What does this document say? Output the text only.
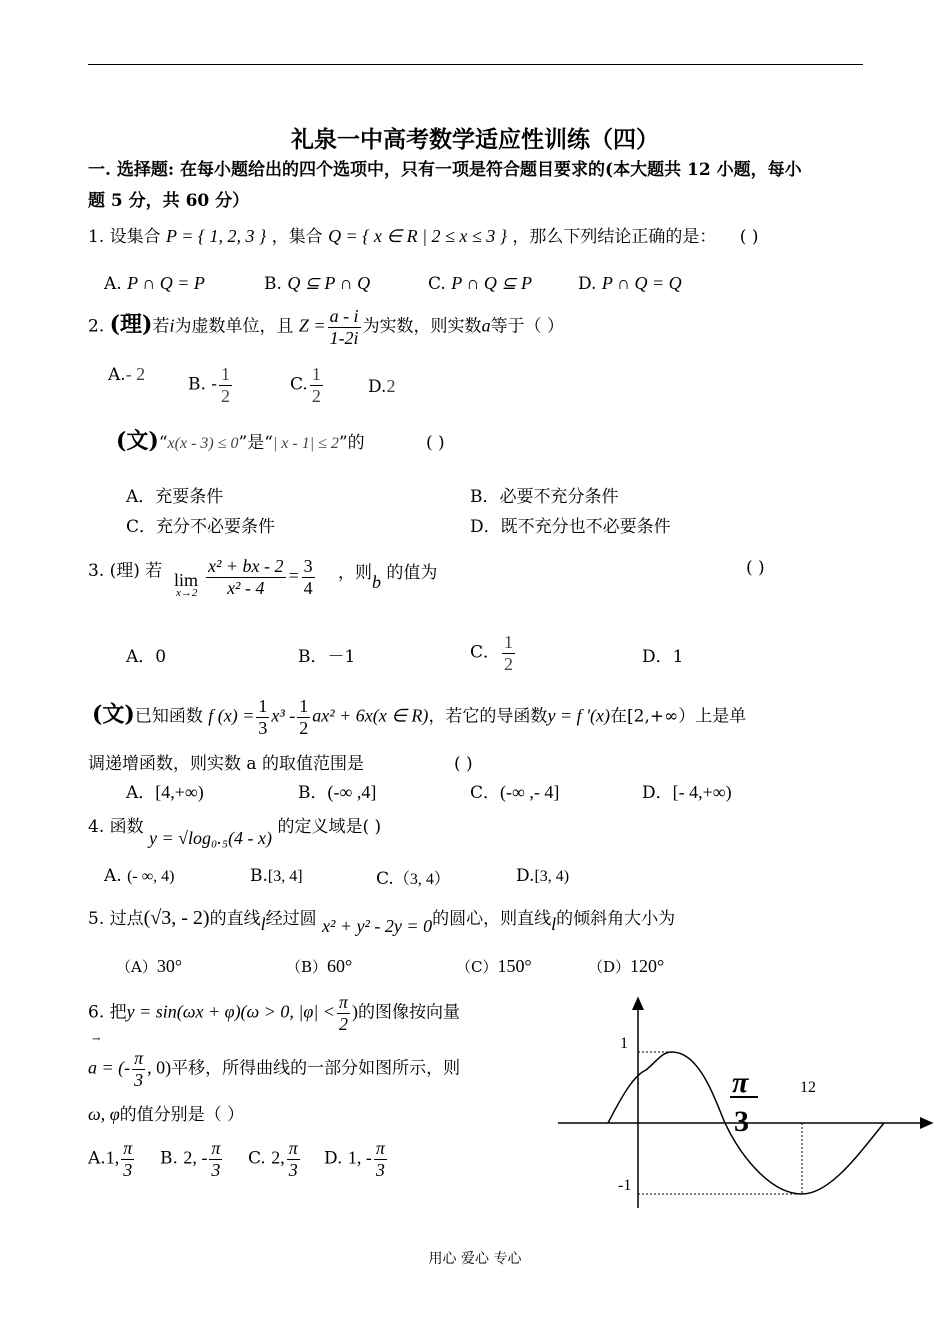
礼泉一中高考数学适应性训练（四）
一. 选择题: 在每小题给出的四个选项中，只有一项是符合题目要求的(本大题共 12 小题，每小
题 5 分，共 60 分）
1. 设集合 P = { 1, 2, 3 } ，集合 Q = { x ∈ R | 2 ≤ x ≤ 3 } ，那么下列结论正确的是： ( )
A. P ∩ Q = P	B. Q ⊆ P ∩ Q	C. P ∩ Q ⊆ P	D. P ∩ Q = Q
2. (理)若i为虚数单位，且 $Z = \frac{a - i}{1-2i}$ 为实数，则实数a等于（ ）
A.- 2
B. - $\frac{1}{2}$	C. $\frac{1}{2}$	D.2
(文)“x(x - 3) ≤ 0”是“| x - 1| ≤ 2”的	( )
A．充要条件	B．必要不充分条件
C．充分不必要条件	D．既不充分也不必要条件
3. (理) 若 lim
$x\to 2 \frac{\text{x² + bx - 2}}{\text{x² - 4}} = \frac{3}{4}$ ，则b 的值为	( )
A．0	B．－1	C． $\frac{1}{2}$	D．1
(文)已知函数 f $(x) = \frac{1}{3} x^3 - \frac{1}{2} ax^2 + 6x(x$ ∈ R)，若它的导函数y = f ′(x)在[2,+∞）上是单
调递增函数，则实数 a 的取值范围是	( )
A．[4,+∞)	B．(-∞ ,4]	C．(-∞ ,- 4]	D．[- 4,+∞)
4. 函数 y = √log₀.₅(4 - x) 的定义域是( )
A. (- ∞, 4)	B.[3, 4]	C.（3, 4）	D.[3, 4)
5. 过点(√3, - 2)的直线l经过圆 x² + y² - 2y = 0的圆心，则直线l的倾斜角大小为
（A）30°	（B）60°	（C）150°	（D）120°
6. 把y = sin(ωx + φ)(ω > 0, $|\varphi| < \frac{\pi}{2}$ )的图像按向量
→
a = (- $\frac{\pi}{3}$ , 0)平移，所得曲线的一部分如图所示，则
ω, φ的值分别是（ ）
A.1, $\frac{\pi}{3} B$. 2, - $\frac{\pi}{3} C$. 2, $\frac{\pi}{3} D$. 1, - $\frac{\pi}{3}$
1
-1
π
3
12
用心 爱心 专心
